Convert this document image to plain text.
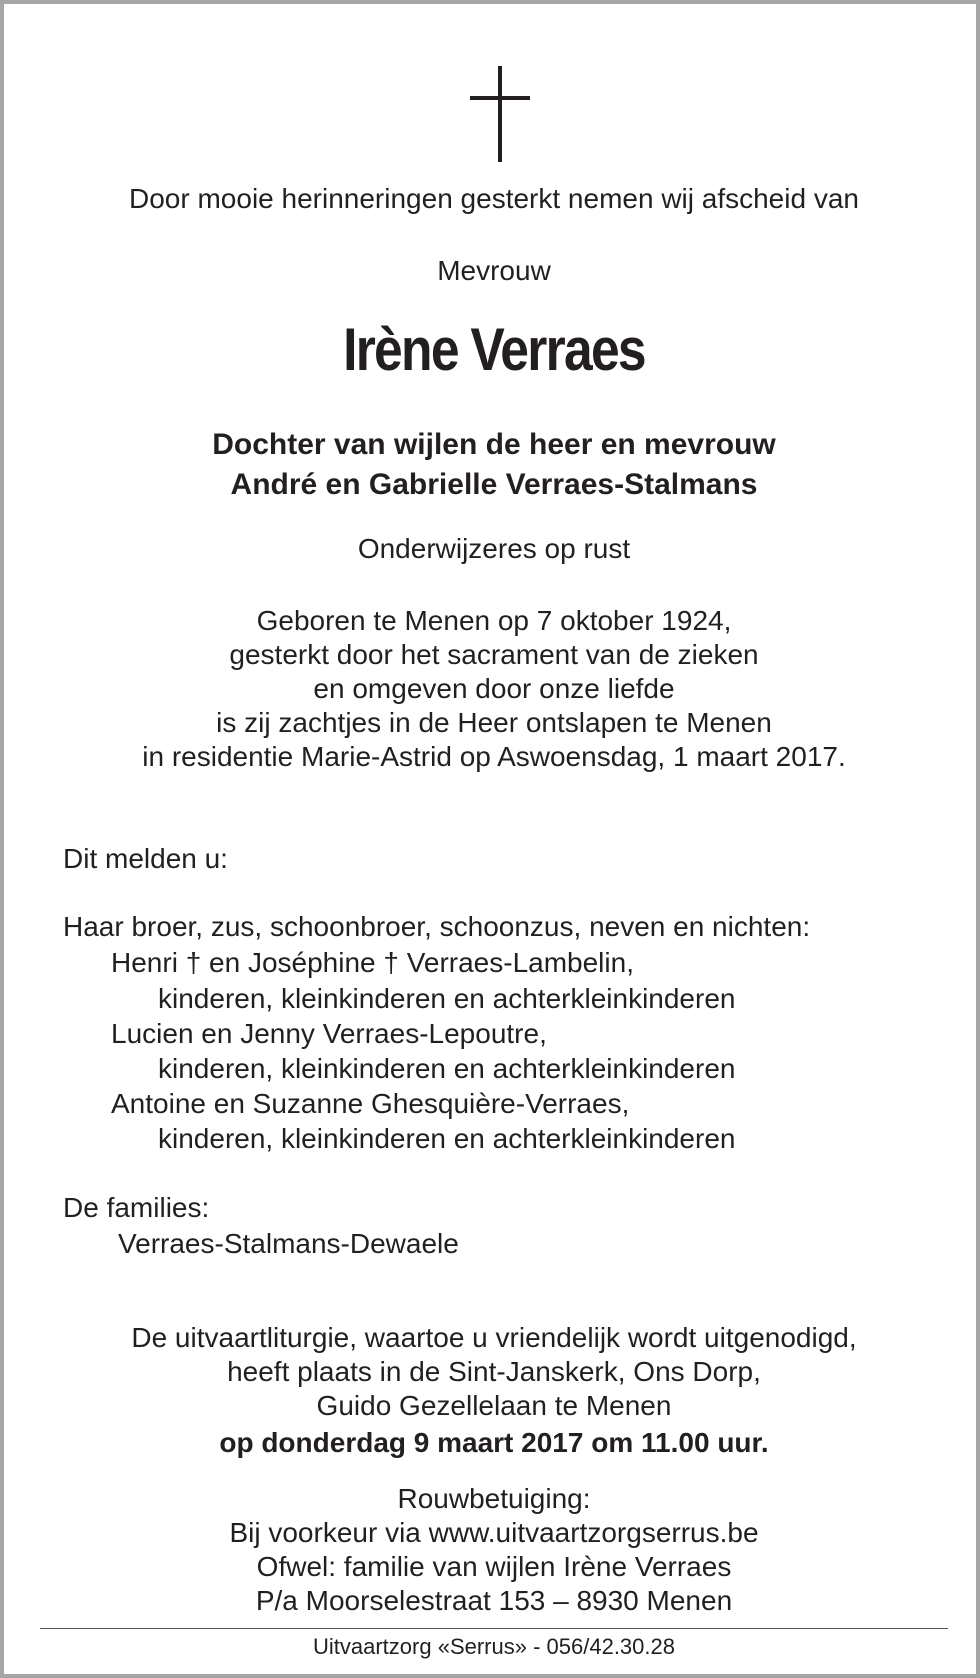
Door mooie herinneringen gesterkt nemen wij afscheid van
Mevrouw
Irène Verraes
Dochter van wijlen de heer en mevrouw
André en Gabrielle Verraes-Stalmans
Onderwijzeres op rust
Geboren te Menen op 7 oktober 1924,
gesterkt door het sacrament van de zieken
en omgeven door onze liefde
is zij zachtjes in de Heer ontslapen te Menen
in residentie Marie-Astrid op Aswoensdag, 1 maart 2017.
Dit melden u:
Haar broer, zus, schoonbroer, schoonzus, neven en nichten:
Henri † en Joséphine † Verraes-Lambelin,
kinderen, kleinkinderen en achterkleinkinderen
Lucien en Jenny Verraes-Lepoutre,
kinderen, kleinkinderen en achterkleinkinderen
Antoine en Suzanne Ghesquière-Verraes,
kinderen, kleinkinderen en achterkleinkinderen
De families:
Verraes-Stalmans-Dewaele
De uitvaartliturgie, waartoe u vriendelijk wordt uitgenodigd,
heeft plaats in de Sint-Janskerk, Ons Dorp,
Guido Gezellelaan te Menen
op donderdag 9 maart 2017 om 11.00 uur.
Rouwbetuiging:
Bij voorkeur via www.uitvaartzorgserrus.be
Ofwel: familie van wijlen Irène Verraes
P/a Moorselestraat 153 – 8930 Menen
Uitvaartzorg «Serrus» - 056/42.30.28
